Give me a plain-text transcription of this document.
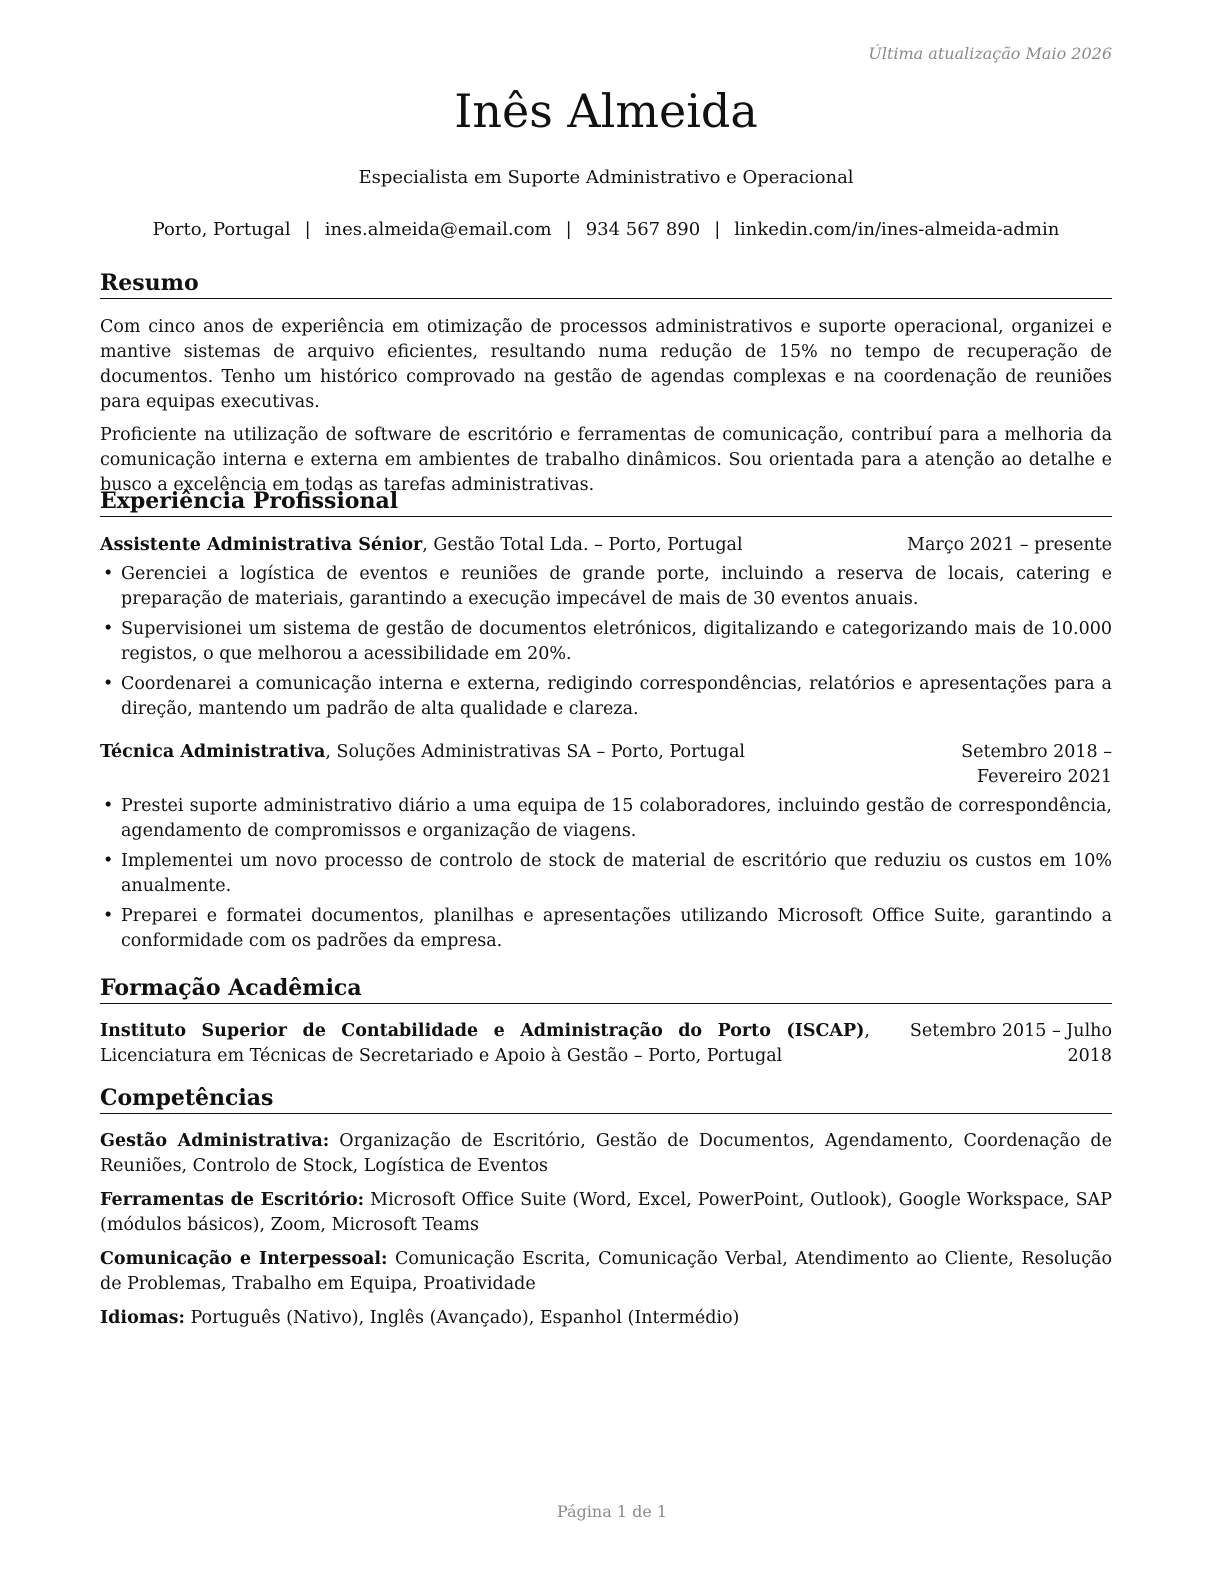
Última atualização Maio 2026
Inês Almeida
Especialista em Suporte Administrativo e Operacional
Porto, Portugal | ines.almeida@email.com | 934 567 890 | linkedin.com/in/ines-almeida-admin
Resumo

Com cinco anos de experiência em otimização de processos administrativos e suporte operacional, organizei e mantive sistemas de arquivo eficientes, resultando numa redução de 15% no tempo de recuperação de documentos. Tenho um histórico comprovado na gestão de agendas complexas e na coordenação de reuniões para equipas executivas.

Proficiente na utilização de software de escritório e ferramentas de comunicação, contribuí para a melhoria da comunicação interna e externa em ambientes de trabalho dinâmicos. Sou orientada para a atenção ao detalhe e busco a excelência em todas as tarefas administrativas.

Experiência Profissional
Assistente Administrativa Sénior, Gestão Total Lda. – Porto, Portugal	Março 2021 – presente
• Gerenciei a logística de eventos e reuniões de grande porte, incluindo a reserva de locais, catering e preparação de materiais, garantindo a execução impecável de mais de 30 eventos anuais.
• Supervisionei um sistema de gestão de documentos eletrónicos, digitalizando e categorizando mais de 10.000 registos, o que melhorou a acessibilidade em 20%.
• Coordenarei a comunicação interna e externa, redigindo correspondências, relatórios e apresentações para a direção, mantendo um padrão de alta qualidade e clareza.
Técnica Administrativa, Soluções Administrativas SA – Porto, Portugal	Setembro 2018 – Fevereiro 2021
• Prestei suporte administrativo diário a uma equipa de 15 colaboradores, incluindo gestão de correspondência, agendamento de compromissos e organização de viagens.
• Implementei um novo processo de controlo de stock de material de escritório que reduziu os custos em 10% anualmente.
• Preparei e formatei documentos, planilhas e apresentações utilizando Microsoft Office Suite, garantindo a conformidade com os padrões da empresa.
Formação Acadêmica
Instituto Superior de Contabilidade e Administração do Porto (ISCAP), Licenciatura em Técnicas de Secretariado e Apoio à Gestão – Porto, Portugal
Setembro 2015 – Julho 2018
Competências

Gestão Administrativa: Organização de Escritório, Gestão de Documentos, Agendamento, Coordenação de Reuniões, Controlo de Stock, Logística de Eventos

Ferramentas de Escritório: Microsoft Office Suite (Word, Excel, PowerPoint, Outlook), Google Workspace, SAP (módulos básicos), Zoom, Microsoft Teams

Comunicação e Interpessoal: Comunicação Escrita, Comunicação Verbal, Atendimento ao Cliente, Resolução de Problemas, Trabalho em Equipa, Proatividade

Idiomas: Português (Nativo), Inglês (Avançado), Espanhol (Intermédio)

Página 1 de 1
